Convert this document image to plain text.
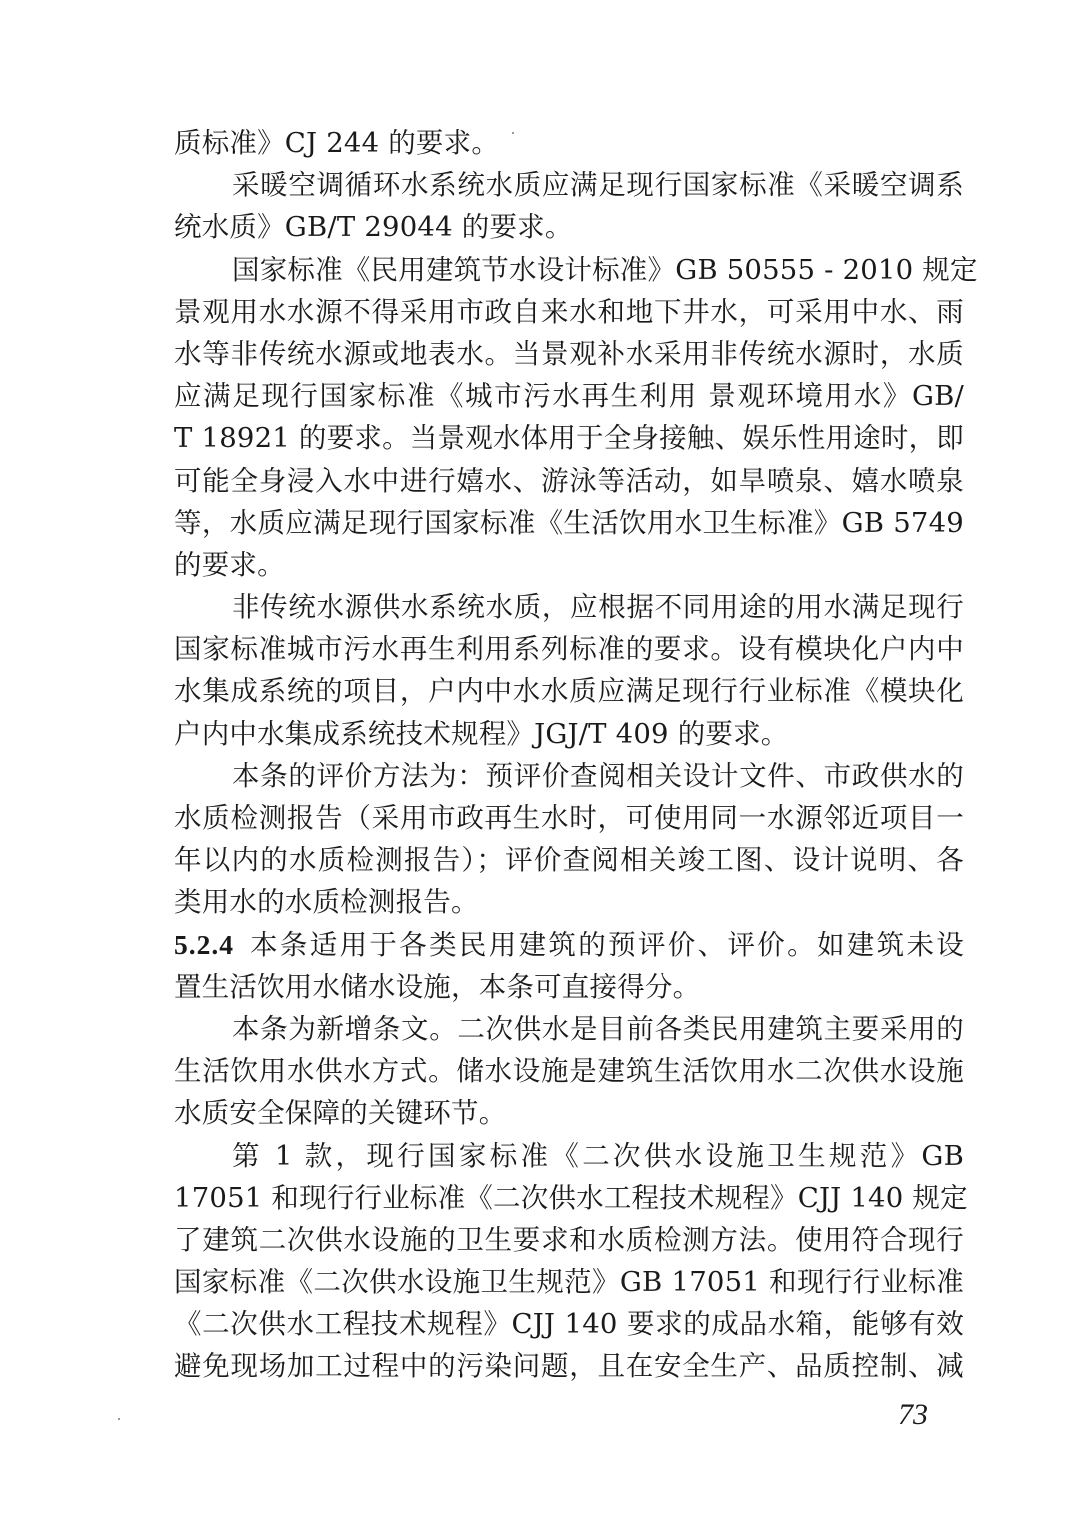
质标准》CJ 244 的要求。
采暖空调循环水系统水质应满足现行国家标准《采暖空调系
统水质》GB/T 29044 的要求。
国家标准《民用建筑节水设计标准》GB 50555 - 2010 规定
景观用水水源不得采用市政自来水和地下井水，可采用中水、雨
水等非传统水源或地表水。当景观补水采用非传统水源时，水质
应满足现行国家标准《城市污水再生利用 景观环境用水》GB/
T 18921 的要求。当景观水体用于全身接触、娱乐性用途时，即
可能全身浸入水中进行嬉水、游泳等活动，如旱喷泉、嬉水喷泉
等，水质应满足现行国家标准《生活饮用水卫生标准》GB 5749
的要求。
非传统水源供水系统水质，应根据不同用途的用水满足现行
国家标准城市污水再生利用系列标准的要求。设有模块化户内中
水集成系统的项目，户内中水水质应满足现行行业标准《模块化
户内中水集成系统技术规程》JGJ/T 409 的要求。
本条的评价方法为：预评价查阅相关设计文件、市政供水的
水质检测报告（采用市政再生水时，可使用同一水源邻近项目一
年以内的水质检测报告）；评价查阅相关竣工图、设计说明、各
类用水的水质检测报告。
5.2.4  本条适用于各类民用建筑的预评价、评价。如建筑未设
置生活饮用水储水设施，本条可直接得分。
本条为新增条文。二次供水是目前各类民用建筑主要采用的
生活饮用水供水方式。储水设施是建筑生活饮用水二次供水设施
水质安全保障的关键环节。
第 1 款，现行国家标准《二次供水设施卫生规范》GB
17051 和现行行业标准《二次供水工程技术规程》CJJ 140 规定
了建筑二次供水设施的卫生要求和水质检测方法。使用符合现行
国家标准《二次供水设施卫生规范》GB 17051 和现行行业标准
《二次供水工程技术规程》CJJ 140 要求的成品水箱，能够有效
避免现场加工过程中的污染问题，且在安全生产、品质控制、减
73
